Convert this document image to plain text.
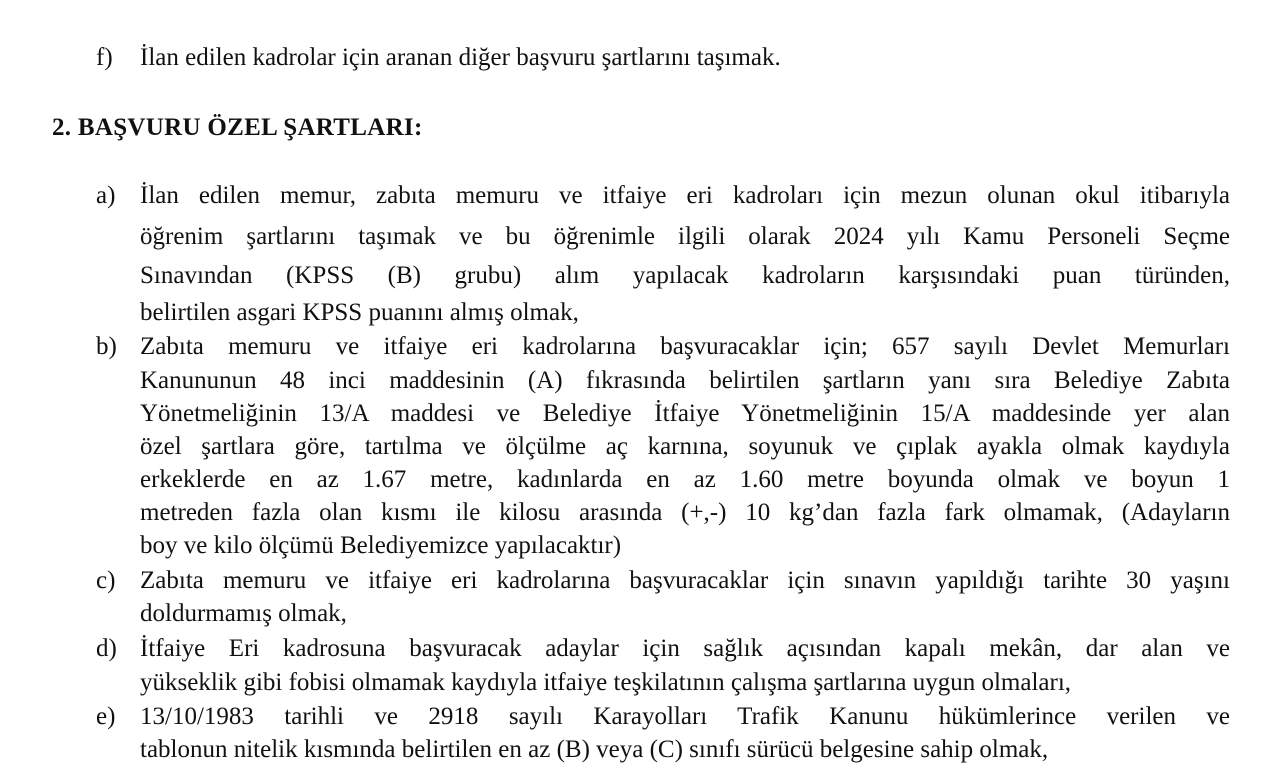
f)	İlan edilen kadrolar için aranan diğer başvuru şartlarını taşımak.
2. BAŞVURU ÖZEL ŞARTLARI:
a) İlan edilen memur, zabıta memuru ve itfaiye eri kadroları için mezun olunan okul itibarıyla
öğrenim şartlarını taşımak ve bu öğrenimle ilgili olarak 2024 yılı Kamu Personeli Seçme
Sınavından (KPSS (B) grubu) alım yapılacak kadroların karşısındaki puan türünden,
belirtilen asgari KPSS puanını almış olmak,
b) Zabıta memuru ve itfaiye eri kadrolarına başvuracaklar için; 657 sayılı Devlet Memurları
Kanununun 48 inci maddesinin (A) fıkrasında belirtilen şartların yanı sıra Belediye Zabıta
Yönetmeliğinin 13/A maddesi ve Belediye İtfaiye Yönetmeliğinin 15/A maddesinde yer alan
özel şartlara göre, tartılma ve ölçülme aç karnına, soyunuk ve çıplak ayakla olmak kaydıyla
erkeklerde en az 1.67 metre, kadınlarda en az 1.60 metre boyunda olmak ve boyun 1
metreden fazla olan kısmı ile kilosu arasında (+,-) 10 kg’dan fazla fark olmamak, (Adayların
boy ve kilo ölçümü Belediyemizce yapılacaktır)
c) Zabıta memuru ve itfaiye eri kadrolarına başvuracaklar için sınavın yapıldığı tarihte 30 yaşını
doldurmamış olmak,
d) İtfaiye Eri kadrosuna başvuracak adaylar için sağlık açısından kapalı mekân, dar alan ve
yükseklik gibi fobisi olmamak kaydıyla itfaiye teşkilatının çalışma şartlarına uygun olmaları,
e) 13/10/1983 tarihli ve 2918 sayılı Karayolları Trafik Kanunu hükümlerince verilen ve
tablonun nitelik kısmında belirtilen en az (B) veya (C) sınıfı sürücü belgesine sahip olmak,
